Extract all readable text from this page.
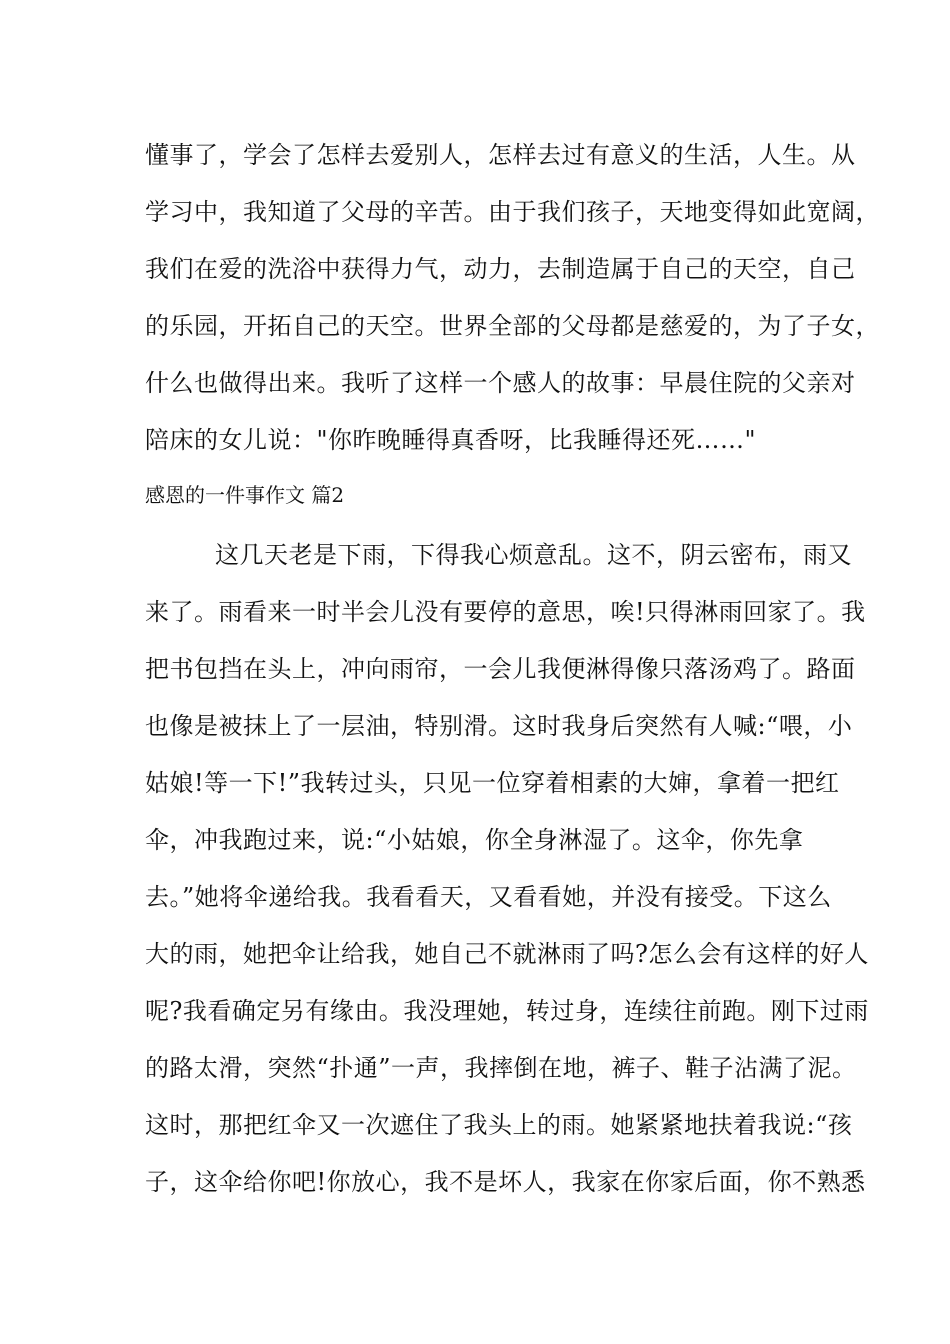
懂事了，学会了怎样去爱别人，怎样去过有意义的生活，人生。从
学习中，我知道了父母的辛苦。由于我们孩子，天地变得如此宽阔，
我们在爱的洗浴中获得力气，动力，去制造属于自己的天空，自己
的乐园，开拓自己的天空。世界全部的父母都是慈爱的，为了子女，
什么也做得出来。我听了这样一个感人的故事：早晨住院的父亲对
陪床的女儿说："你昨晚睡得真香呀，比我睡得还死……"
感恩的一件事作文 篇2
这几天老是下雨，下得我心烦意乱。这不，阴云密布，雨又
来了。雨看来一时半会儿没有要停的意思，唉!只得淋雨回家了。我
把书包挡在头上，冲向雨帘，一会儿我便淋得像只落汤鸡了。路面
也像是被抹上了一层油，特别滑。这时我身后突然有人喊:“喂，小
姑娘!等一下!”我转过头，只见一位穿着相素的大婶，拿着一把红
伞，冲我跑过来，说:“小姑娘，你全身淋湿了。这伞，你先拿
去。”她将伞递给我。我看看天，又看看她，并没有接受。下这么
大的雨，她把伞让给我，她自己不就淋雨了吗?怎么会有这样的好人
呢?我看确定另有缘由。我没理她，转过身，连续往前跑。刚下过雨
的路太滑，突然“扑通”一声，我摔倒在地，裤子、鞋子沾满了泥。
这时，那把红伞又一次遮住了我头上的雨。她紧紧地扶着我说:“孩
子，这伞给你吧!你放心，我不是坏人，我家在你家后面，你不熟悉
